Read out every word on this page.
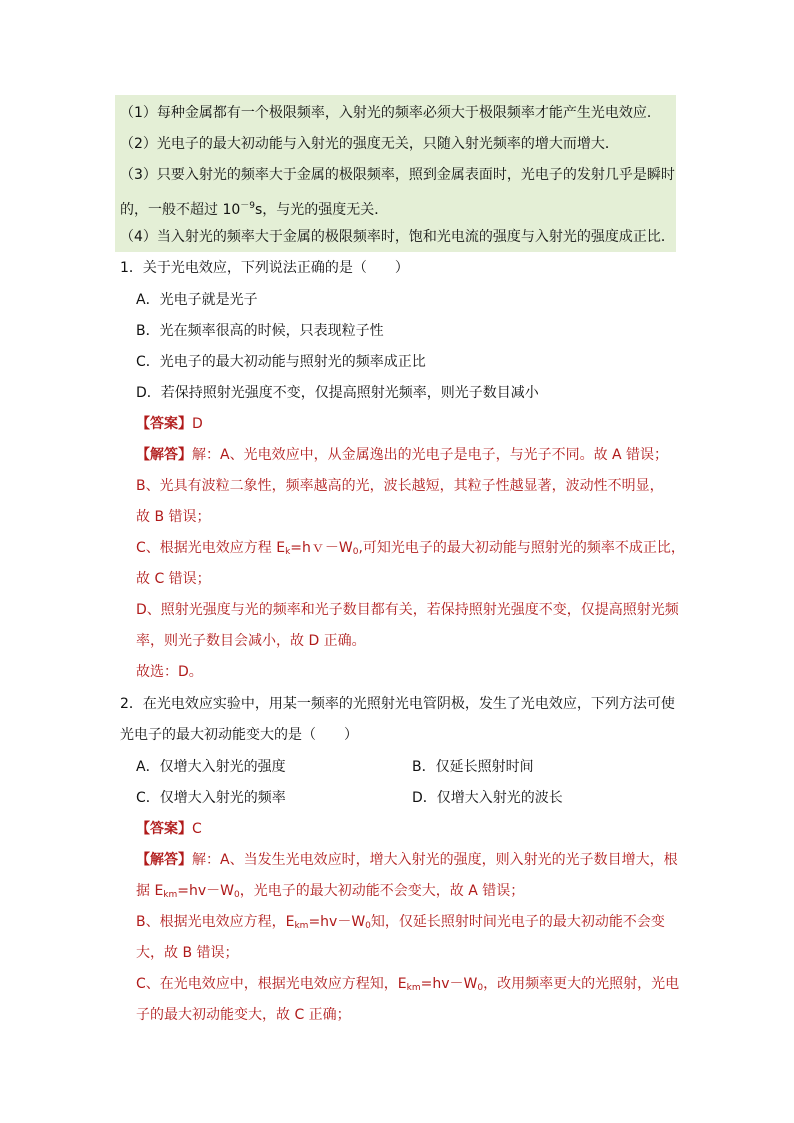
（1）每种金属都有一个极限频率，入射光的频率必须大于极限频率才能产生光电效应．
（2）光电子的最大初动能与入射光的强度无关，只随入射光频率的增大而增大．
（3）只要入射光的频率大于金属的极限频率，照到金属表面时，光电子的发射几乎是瞬时
的，一般不超过 $10^{-9}s$，与光的强度无关．
（4）当入射光的频率大于金属的极限频率时，饱和光电流的强度与入射光的强度成正比．
1．关于光电效应，下列说法正确的是（　　）
A．光电子就是光子
B．光在频率很高的时候，只表现粒子性
C．光电子的最大初动能与照射光的频率成正比
D．若保持照射光强度不变，仅提高照射光频率，则光子数目减小
【答案】D
【解答】解：A、光电效应中，从金属逸出的光电子是电子，与光子不同。故 A 错误；
B、光具有波粒二象性，频率越高的光，波长越短，其粒子性越显著，波动性不明显，
故 B 错误；
C、根据光电效应方程 $E_k=hv-W_0$,可知光电子的最大初动能与照射光的频率不成正比，
故 C 错误；
D、照射光强度与光的频率和光子数目都有关，若保持照射光强度不变，仅提高照射光频
率，则光子数目会减小，故 D 正确。
故选：D。
2．在光电效应实验中，用某一频率的光照射光电管阴极，发生了光电效应，下列方法可使
光电子的最大初动能变大的是（　　）
A．仅增大入射光的强度	B．仅延长照射时间
C．仅增大入射光的频率	D．仅增大入射光的波长
【答案】C
【解答】解：A、当发生光电效应时，增大入射光的强度，则入射光的光子数目增大，根
据 $E_{km}=hv-W_0$，光电子的最大初动能不会变大，故 A 错误；
B、根据光电效应方程，$E_{km}=hv-W_0$知，仅延长照射时间光电子的最大初动能不会变
大，故 B 错误；
C、在光电效应中，根据光电效应方程知，$E_{km}=hv-W_0$，改用频率更大的光照射，光电
子的最大初动能变大，故 C 正确；
